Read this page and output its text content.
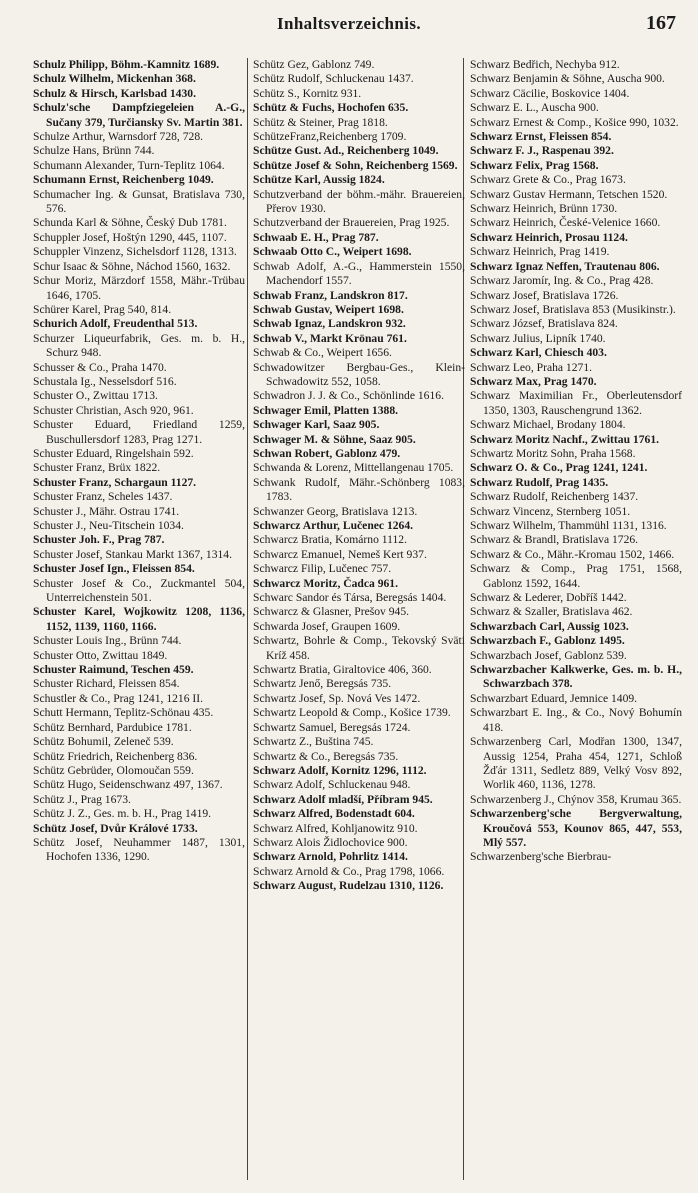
Inhaltsverzeichnis.	167
Schulz Philipp, Böhm.-Kamnitz 1689.
Schulz Wilhelm, Mickenhan 368.
Schulz & Hirsch, Karlsbad 1430.
Schulz'sche Dampfziegeleien A.-G., Sučany 379, Turčiansky Sv. Martin 381.
Schulze Arthur, Warnsdorf 728, 728.
Schulze Hans, Brünn 744.
Schumann Alexander, Turn-Teplitz 1064.
Schumann Ernst, Reichenberg 1049.
Schumacher Ing. & Gunsat, Bratislava 730, 576.
Schunda Karl & Söhne, Český Dub 1781.
Schuppler Josef, Hoštýn 1290, 445, 1107.
Schuppler Vinzenz, Sichelsdorf 1128, 1313.
Schur Isaac & Söhne, Náchod 1560, 1632.
Schur Moriz, Märzdorf 1558, Mähr.-Trübau 1646, 1705.
Schürer Karel, Prag 540, 814.
Schurich Adolf, Freudenthal 513.
Schurzer Liqueurfabrik, Ges. m. b. H., Schurz 948.
Schusser & Co., Praha 1470.
Schustala Ig., Nesselsdorf 516.
Schuster O., Zwittau 1713.
Schuster Christian, Asch 920, 961.
Schuster Eduard, Friedland 1259, Buschullersdorf 1283, Prag 1271.
Schuster Eduard, Ringelshain 592.
Schuster Franz, Brüx 1822.
Schuster Franz, Schargaun 1127.
Schuster Franz, Scheles 1437.
Schuster J., Mähr. Ostrau 1741.
Schuster J., Neu-Titschein 1034.
Schuster Joh. F., Prag 787.
Schuster Josef, Stankau Markt 1367, 1314.
Schuster Josef Ign., Fleissen 854.
Schuster Josef & Co., Zuckmantel 504, Unterreichenstein 501.
Schuster Karel, Wojkowitz 1208, 1136, 1152, 1139, 1160, 1166.
Schuster Louis Ing., Brünn 744.
Schuster Otto, Zwittau 1849.
Schuster Raimund, Teschen 459.
Schuster Richard, Fleissen 854.
Schustler & Co., Prag 1241, 1216 II.
Schutt Hermann, Teplitz-Schönau 435.
Schütz Bernhard, Pardubice 1781.
Schütz Bohumil, Zeleneč 539.
Schütz Friedrich, Reichenberg 836.
Schütz Gebrüder, Olomoučan 559.
Schütz Hugo, Seidenschwanz 497, 1367.
Schütz J., Prag 1673.
Schütz J. Z., Ges. m. b. H., Prag 1419.
Schütz Josef, Dvůr Králové 1733.
Schütz Josef, Neuhammer 1487, 1301, Hochofen 1336, 1290.
Schütz Gez, Gablonz 749.
Schütz Rudolf, Schluckenau 1437.
Schütz S., Kornitz 931.
Schütz & Fuchs, Hochofen 635.
Schütz & Steiner, Prag 1818.
SchützeFranz,Reichenberg 1709.
Schütze Gust. Ad., Reichenberg 1049.
Schütze Josef & Sohn, Reichenberg 1569.
Schütze Karl, Aussig 1824.
Schutzverband der böhm.-mähr. Brauereien, Přerov 1930.
Schutzverband der Brauereien, Prag 1925.
Schwaab E. H., Prag 787.
Schwaab Otto C., Weipert 1698.
Schwab Adolf, A.-G., Hammerstein 1550, Machendorf 1557.
Schwab Franz, Landskron 817.
Schwab Gustav, Weipert 1698.
Schwab Ignaz, Landskron 932.
Schwab V., Markt Krönau 761.
Schwab & Co., Weipert 1656.
Schwadowitzer Bergbau-Ges., Klein-Schwadowitz 552, 1058.
Schwadron J. J. & Co., Schönlinde 1616.
Schwager Emil, Platten 1388.
Schwager Karl, Saaz 905.
Schwager M. & Söhne, Saaz 905.
Schwan Robert, Gablonz 479.
Schwanda & Lorenz, Mittellangenau 1705.
Schwank Rudolf, Mähr.-Schönberg 1083, 1783.
Schwanzer Georg, Bratislava 1213.
Schwarcz Arthur, Lučenec 1264.
Schwarcz Bratia, Komárno 1112.
Schwarcz Emanuel, Nemeš Kert 937.
Schwarcz Filip, Lučenec 757.
Schwarcz Moritz, Čadca 961.
Schwarc Sandor és Társa, Beregsás 1404.
Schwarcz & Glasner, Prešov 945.
Schwarda Josef, Graupen 1609.
Schwartz, Bohrle & Comp., Tekovský Sväti Kríž 458.
Schwartz Bratia, Giraltovice 406, 360.
Schwartz Jenő, Beregsás 735.
Schwartz Josef, Sp. Nová Ves 1472.
Schwartz Leopold & Comp., Košice 1739.
Schwartz Samuel, Beregsás 1724.
Schwartz Z., Buština 745.
Schwartz & Co., Beregsás 735.
Schwarz Adolf, Kornitz 1296, 1112.
Schwarz Adolf, Schluckenau 948.
Schwarz Adolf mladší, Příbram 945.
Schwarz Alfred, Bodenstadt 604.
Schwarz Alfred, Kohljanowitz 910.
Schwarz Alois Židlochovice 900.
Schwarz Arnold, Pohrlitz 1414.
Schwarz Arnold & Co., Prag 1798, 1066.
Schwarz August, Rudelzau 1310, 1126.
Schwarz Bedřich, Nechyba 912.
Schwarz Benjamin & Söhne, Auscha 900.
Schwarz Cäcilie, Boskovice 1404.
Schwarz E. L., Auscha 900.
Schwarz Ernest & Comp., Košice 990, 1032.
Schwarz Ernst, Fleissen 854.
Schwarz F. J., Raspenau 392.
Schwarz Felix, Prag 1568.
Schwarz Grete & Co., Prag 1673.
Schwarz Gustav Hermann, Tetschen 1520.
Schwarz Heinrich, Brünn 1730.
Schwarz Heinrich, České-Velenice 1660.
Schwarz Heinrich, Prosau 1124.
Schwarz Heinrich, Prag 1419.
Schwarz Ignaz Neffen, Trautenau 806.
Schwarz Jaromír, Ing. & Co., Prag 428.
Schwarz Josef, Bratislava 1726.
Schwarz Josef, Bratislava 853 (Musikinstr.).
Schwarz József, Bratislava 824.
Schwarz Julius, Lipník 1740.
Schwarz Karl, Chiesch 403.
Schwarz Leo, Praha 1271.
Schwarz Max, Prag 1470.
Schwarz Maximilian Fr., Oberleutensdorf 1350, 1303, Rauschengrund 1362.
Schwarz Michael, Brodany 1804.
Schwarz Moritz Nachf., Zwittau 1761.
Schwartz Moritz Sohn, Praha 1568.
Schwarz O. & Co., Prag 1241, 1241.
Schwarz Rudolf, Prag 1435.
Schwarz Rudolf, Reichenberg 1437.
Schwarz Vincenz, Sternberg 1051.
Schwarz Wilhelm, Thammühl 1131, 1316.
Schwarz & Brandl, Bratislava 1726.
Schwarz & Co., Mähr.-Kromau 1502, 1466.
Schwarz & Comp., Prag 1751, 1568, Gablonz 1592, 1644.
Schwarz & Lederer, Dobříš 1442.
Schwarz & Szaller, Bratislava 462.
Schwarzbach Carl, Aussig 1023.
Schwarzbach F., Gablonz 1495.
Schwarzbach Josef, Gablonz 539.
Schwarzbacher Kalkwerke, Ges. m. b. H., Schwarzbach 378.
Schwarzbart Eduard, Jemnice 1409.
Schwarzbart E. Ing., & Co., Nový Bohumín 418.
Schwarzenberg Carl, Modřan 1300, 1347, Aussig 1254, Praha 454, 1271, Schloß Žďár 1311, Sedletz 889, Velký Vosv 892, Worlik 460, 1136, 1278.
Schwarzenberg J., Chýnov 358, Krumau 365.
Schwarzenberg'sche Bergverwaltung, Kroučová 553, Kounov 865, 447, 553, Mlý 557.
Schwarzenberg'sche Bierbrau-
